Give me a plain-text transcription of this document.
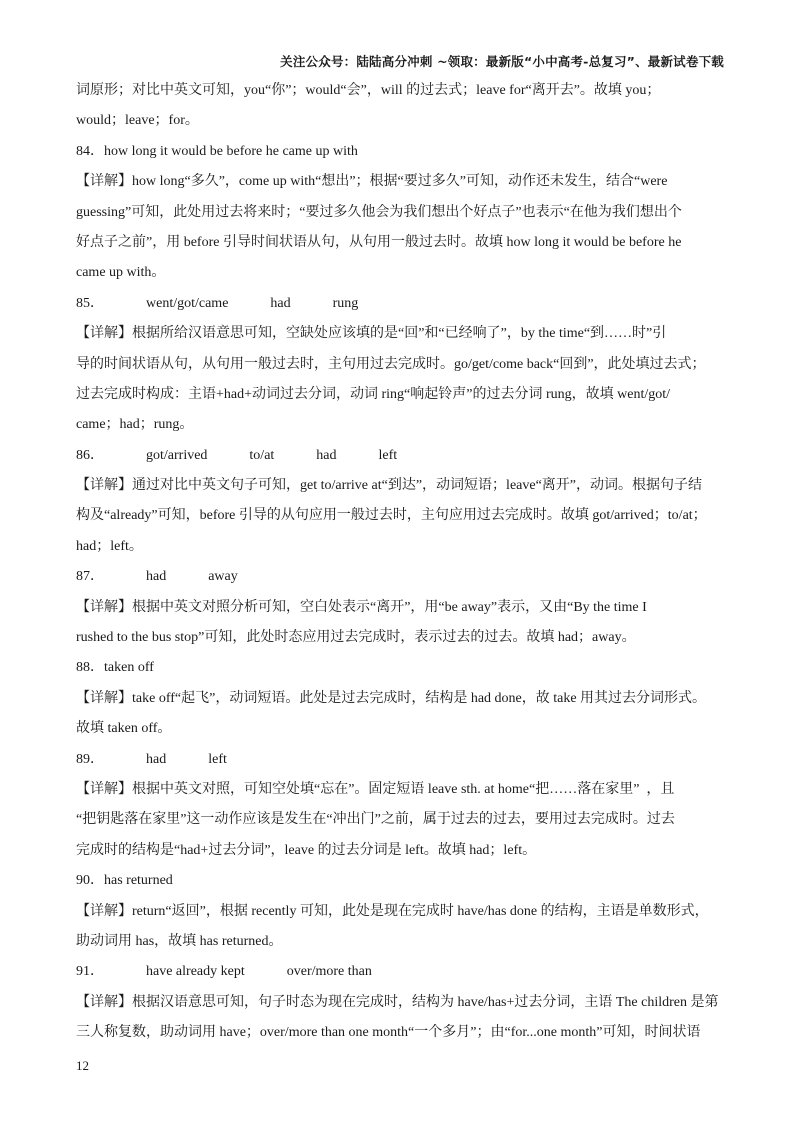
关注公众号：陆陆高分冲刺 ~领取：最新版“小中高考-总复习”、最新试卷下载
词原形；对比中英文可知，you“你”；would“会”，will 的过去式；leave for“离开去”。故填 you；
would；leave；for。
84．how long it would be before he came up with
【详解】how long“多久”，come up with“想出”；根据“要过多久”可知，动作还未发生，结合“were
guessing”可知，此处用过去将来时；“要过多久他会为我们想出个好点子”也表示“在他为我们想出个
好点子之前”，用 before 引导时间状语从句，从句用一般过去时。故填 how long it would be before he
came up with。
85．            went/got/came            had            rung
【详解】根据所给汉语意思可知，空缺处应该填的是“回”和“已经响了”，by the time“到……时”引
导的时间状语从句，从句用一般过去时，主句用过去完成时。go/get/come back“回到”，此处填过去式；
过去完成时构成：主语+had+动词过去分词，动词 ring“响起铃声”的过去分词 rung，故填 went/got/
came；had；rung。
86．            got/arrived            to/at            had            left
【详解】通过对比中英文句子可知，get to/arrive at“到达”，动词短语；leave“离开”，动词。根据句子结
构及“already”可知，before 引导的从句应用一般过去时，主句应用过去完成时。故填 got/arrived；to/at；
had；left。
87．            had            away
【详解】根据中英文对照分析可知，空白处表示“离开”，用“be away”表示，又由“By the time I
rushed to the bus stop”可知，此处时态应用过去完成时，表示过去的过去。故填 had；away。
88．taken off
【详解】take off“起飞”，动词短语。此处是过去完成时，结构是 had done，故 take 用其过去分词形式。
故填 taken off。
89．            had            left
【详解】根据中英文对照，可知空处填“忘在”。固定短语 leave sth. at home“把……落在家里”  ，且
“把钥匙落在家里”这一动作应该是发生在“冲出门”之前，属于过去的过去，要用过去完成时。过去
完成时的结构是“had+过去分词”，leave 的过去分词是 left。故填 had；left。
90．has returned
【详解】return“返回”，根据 recently 可知，此处是现在完成时 have/has done 的结构，主语是单数形式，
助动词用 has，故填 has returned。
91．            have already kept            over/more than
【详解】根据汉语意思可知，句子时态为现在完成时，结构为 have/has+过去分词，主语 The children 是第
三人称复数，助动词用 have；over/more than one month“一个多月”；由“for...one month”可知，时间状语
12
